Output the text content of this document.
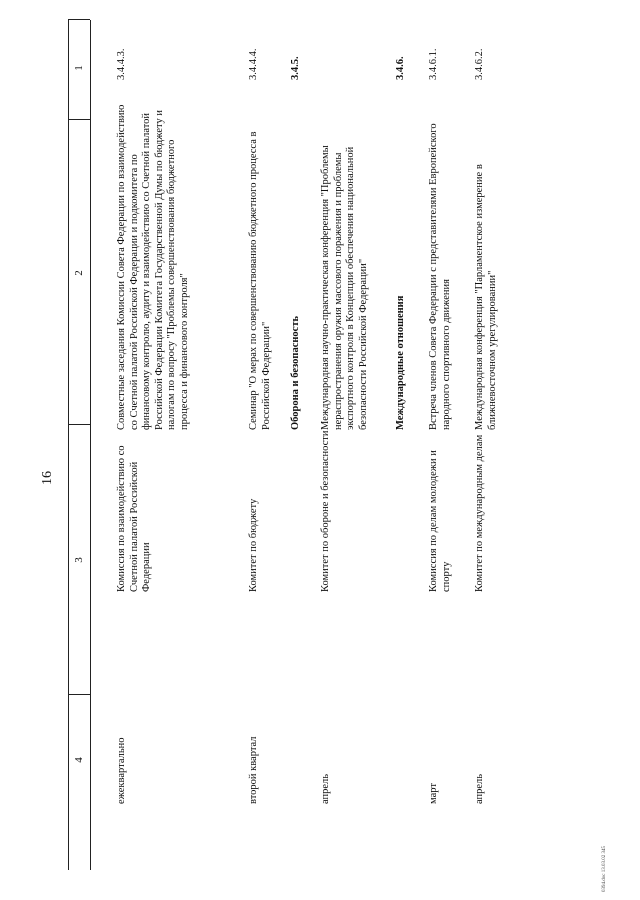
16
1
2
3
4
3.4.4.3.
Совместные заседания Комиссии Совета Федерации по взаимодействию со Счетной палатой Российской Федерации и подкомитета по финансовому контролю, аудиту и взаимодействию со Счетной палатой Российской Федерации Комитета Государственной Думы по бюджету и налогам по вопросу "Проблемы совершенствования бюджетного процесса и финансового контроля"
Комиссия по взаимодействию со Счетной палатой Российской Федерации
ежеквартально
3.4.4.4.
Семинар "О мерах по совершенствованию бюджетного процесса в Российской Федерации"
Комитет по бюджету
второй квартал
3.4.5.
Оборона и безопасность Международная научно-практическая конференция "Проблемы нераспространения оружия массового поражения и проблемы экспортного контроля в Концепции обеспечения национальной безопасности Российской Федерации"
Комитет по обороне и безопасности
апрель
3.4.6.
Международные отношения
3.4.6.1.
Встреча членов Совета Федерации с представителями Европейского народного спортивного движения
Комиссия по делам молодежи и спорту
март
3.4.6.2.
Международная конференция "Парламентское измерение в ближневосточном урегулировании"
Комитет по международным делам
апрель
0394.doc 13.03.02 345
